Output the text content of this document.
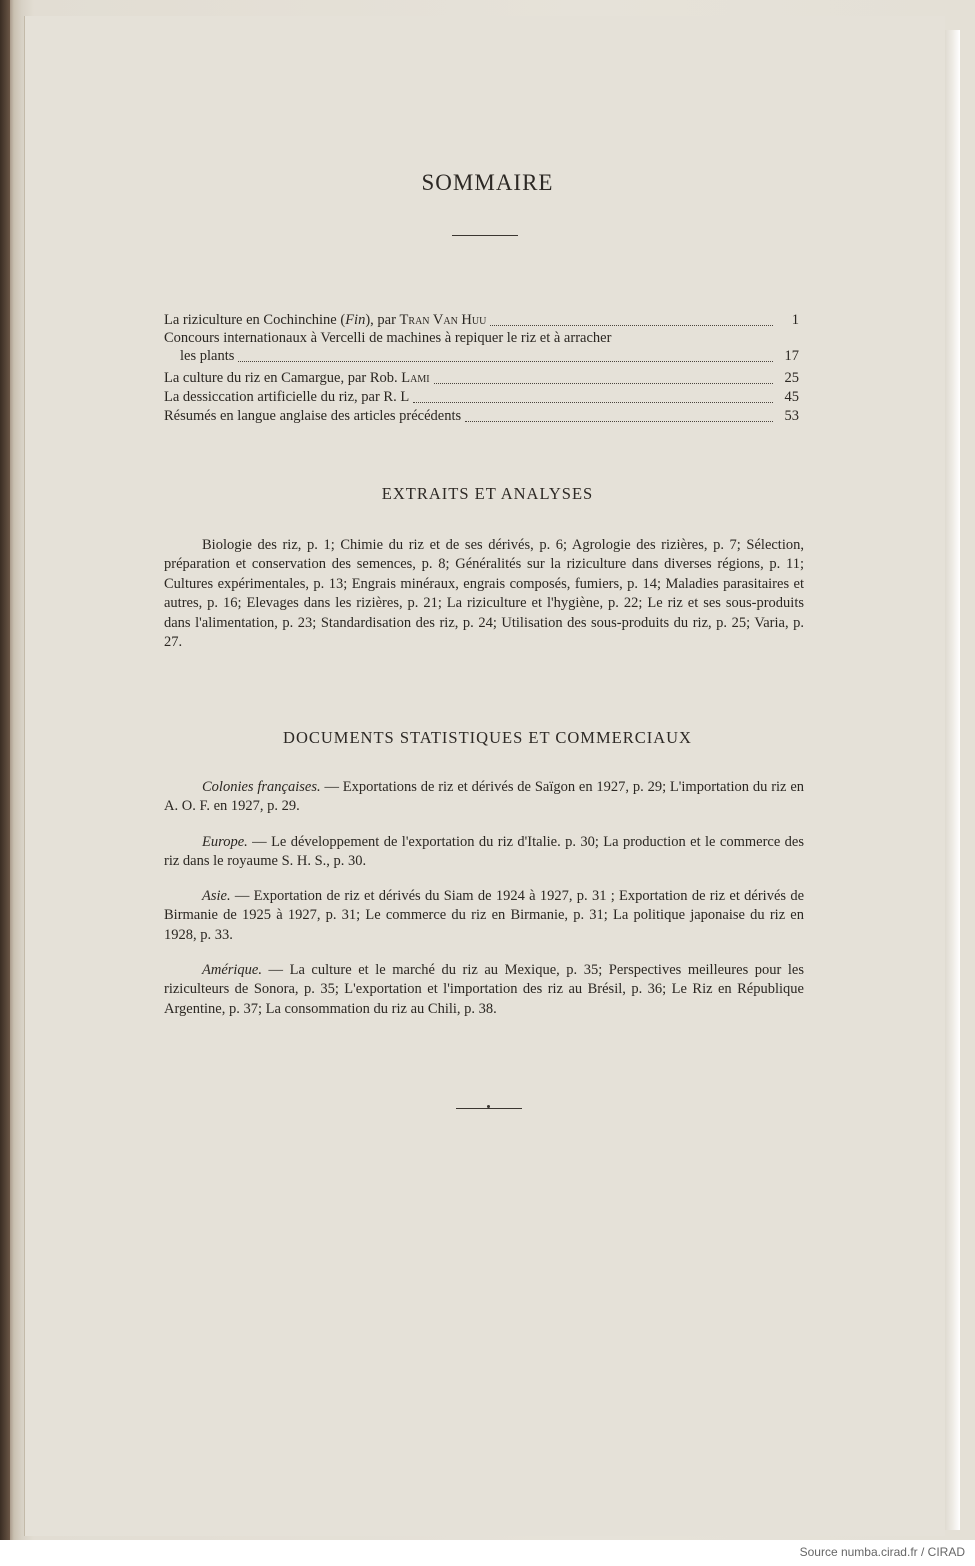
SOMMAIRE
La riziculture en Cochinchine (Fin), par Tran Van Huu	1
Concours internationaux à Vercelli de machines à repiquer le riz et à arracher
les plants	17
La culture du riz en Camargue, par Rob. Lami	25
La dessiccation artificielle du riz, par R. L	45
Résumés en langue anglaise des articles précédents	53
EXTRAITS ET ANALYSES
Biologie des riz, p. 1; Chimie du riz et de ses dérivés, p. 6; Agrologie des rizières, p. 7; Sélection, préparation et conservation des semences, p. 8; Généralités sur la riziculture dans diverses régions, p. 11; Cultures expérimentales, p. 13; Engrais minéraux, engrais composés, fumiers, p. 14; Maladies parasitaires et autres, p. 16; Elevages dans les rizières, p. 21; La riziculture et l'hygiène, p. 22; Le riz et ses sous-produits dans l'alimentation, p. 23; Standardisation des riz, p. 24; Utilisation des sous-produits du riz, p. 25; Varia, p. 27.
DOCUMENTS STATISTIQUES ET COMMERCIAUX
Colonies françaises. — Exportations de riz et dérivés de Saïgon en 1927, p. 29; L'importation du riz en A. O. F. en 1927, p. 29.
Europe. — Le développement de l'exportation du riz d'Italie. p. 30; La production et le commerce des riz dans le royaume S. H. S., p. 30.
Asie. — Exportation de riz et dérivés du Siam de 1924 à 1927, p. 31 ; Exportation de riz et dérivés de Birmanie de 1925 à 1927, p. 31; Le commerce du riz en Birmanie, p. 31; La politique japonaise du riz en 1928, p. 33.
Amérique. — La culture et le marché du riz au Mexique, p. 35; Perspectives meilleures pour les riziculteurs de Sonora, p. 35; L'exportation et l'importation des riz au Brésil, p. 36; Le Riz en République Argentine, p. 37; La consommation du riz au Chili, p. 38.
Source numba.cirad.fr / CIRAD
